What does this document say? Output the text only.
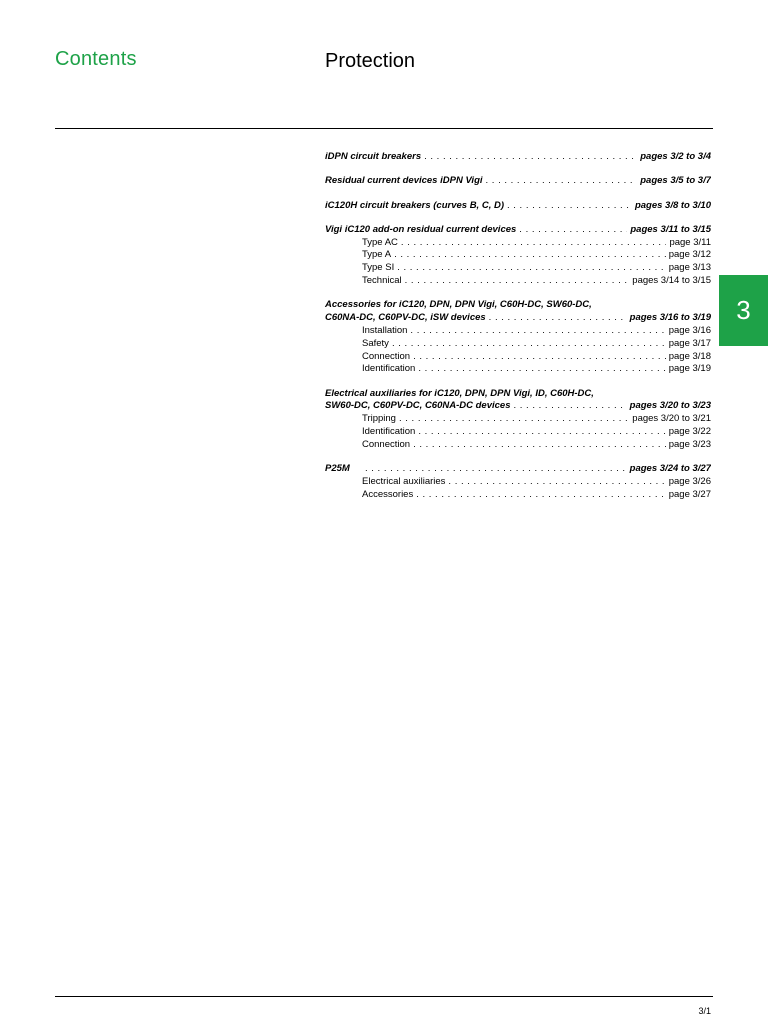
Contents	Protection
3
iDPN circuit breakers . . .	pages 3/2 to 3/4
Residual current devices iDPN Vigi . . .	pages 3/5 to 3/7
iC120H circuit breakers (curves B, C, D) . . .	pages 3/8 to 3/10
Vigi iC120 add-on residual current devices . . .	pages 3/11 to 3/15
Type AC . . .	page 3/11
Type A . . .	page 3/12
Type SI . . .	page 3/13
Technical . . .	pages 3/14 to 3/15
Accessories for iC120, DPN, DPN Vigi, C60H-DC, SW60-DC,
C60NA-DC, C60PV-DC, iSW devices . . .	pages 3/16 to 3/19
Installation . . .	page 3/16
Safety . . .	page 3/17
Connection . . .	page 3/18
Identification . . .	page 3/19
Electrical auxiliaries for iC120, DPN, DPN Vigi, ID, C60H-DC,
SW60-DC, C60PV-DC, C60NA-DC devices . . .	pages 3/20 to 3/23
Tripping . . .	pages 3/20 to 3/21
Identification . . .	page 3/22
Connection . . .	page 3/23
P25M . . .	pages 3/24 to 3/27
Electrical auxiliaries . . .	page 3/26
Accessories . . .	page 3/27
3/1
